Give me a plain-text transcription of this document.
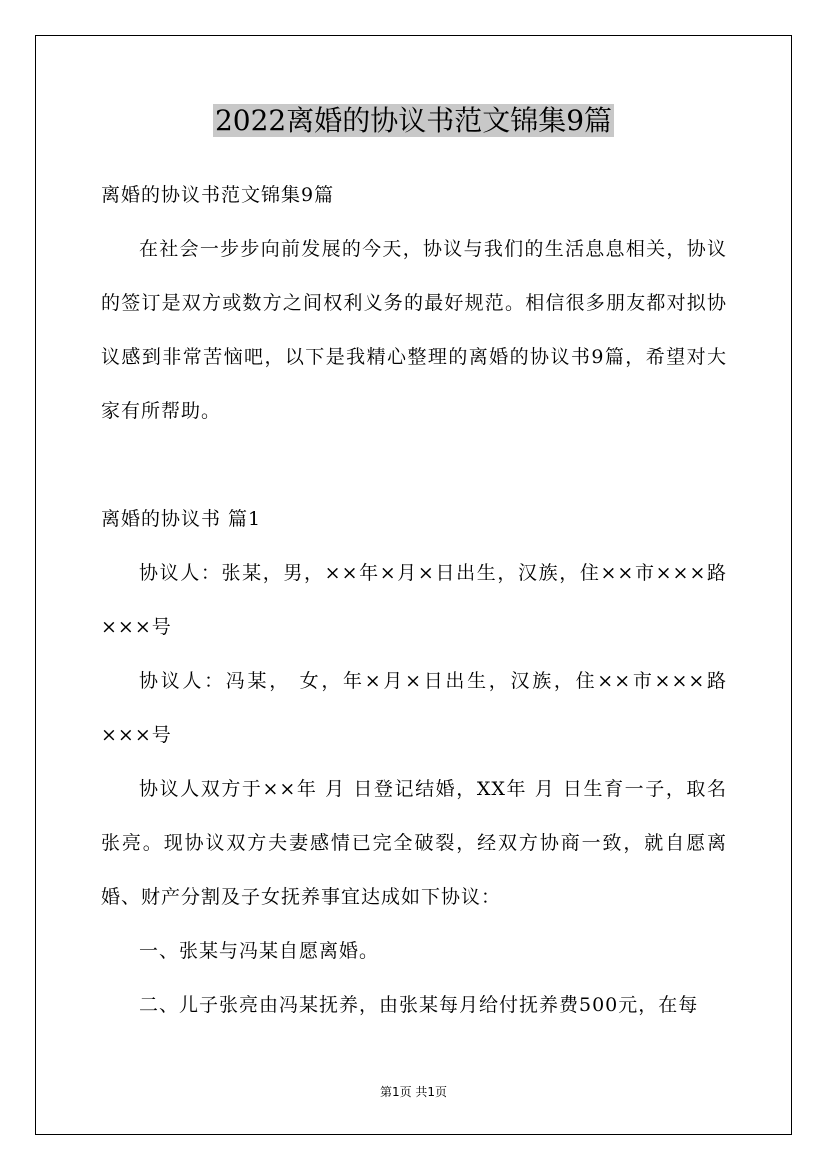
2022离婚的协议书范文锦集9篇

离婚的协议书范文锦集9篇

在社会一步步向前发展的今天，协议与我们的生活息息相关，协议的签订是双方或数方之间权利义务的最好规范。相信很多朋友都对拟协议感到非常苦恼吧，以下是我精心整理的离婚的协议书9篇，希望对大家有所帮助。

离婚的协议书 篇1

协议人：张某，男，××年×月×日出生，汉族，住××市×××路×××号

协议人：冯某， 女，年×月×日出生，汉族，住××市×××路×××号

协议人双方于××年 月 日登记结婚，XX年 月 日生育一子，取名张亮。现协议双方夫妻感情已完全破裂，经双方协商一致，就自愿离婚、财产分割及子女抚养事宜达成如下协议：

一、张某与冯某自愿离婚。

二、儿子张亮由冯某抚养，由张某每月给付抚养费500元，在每

第1页 共1页
